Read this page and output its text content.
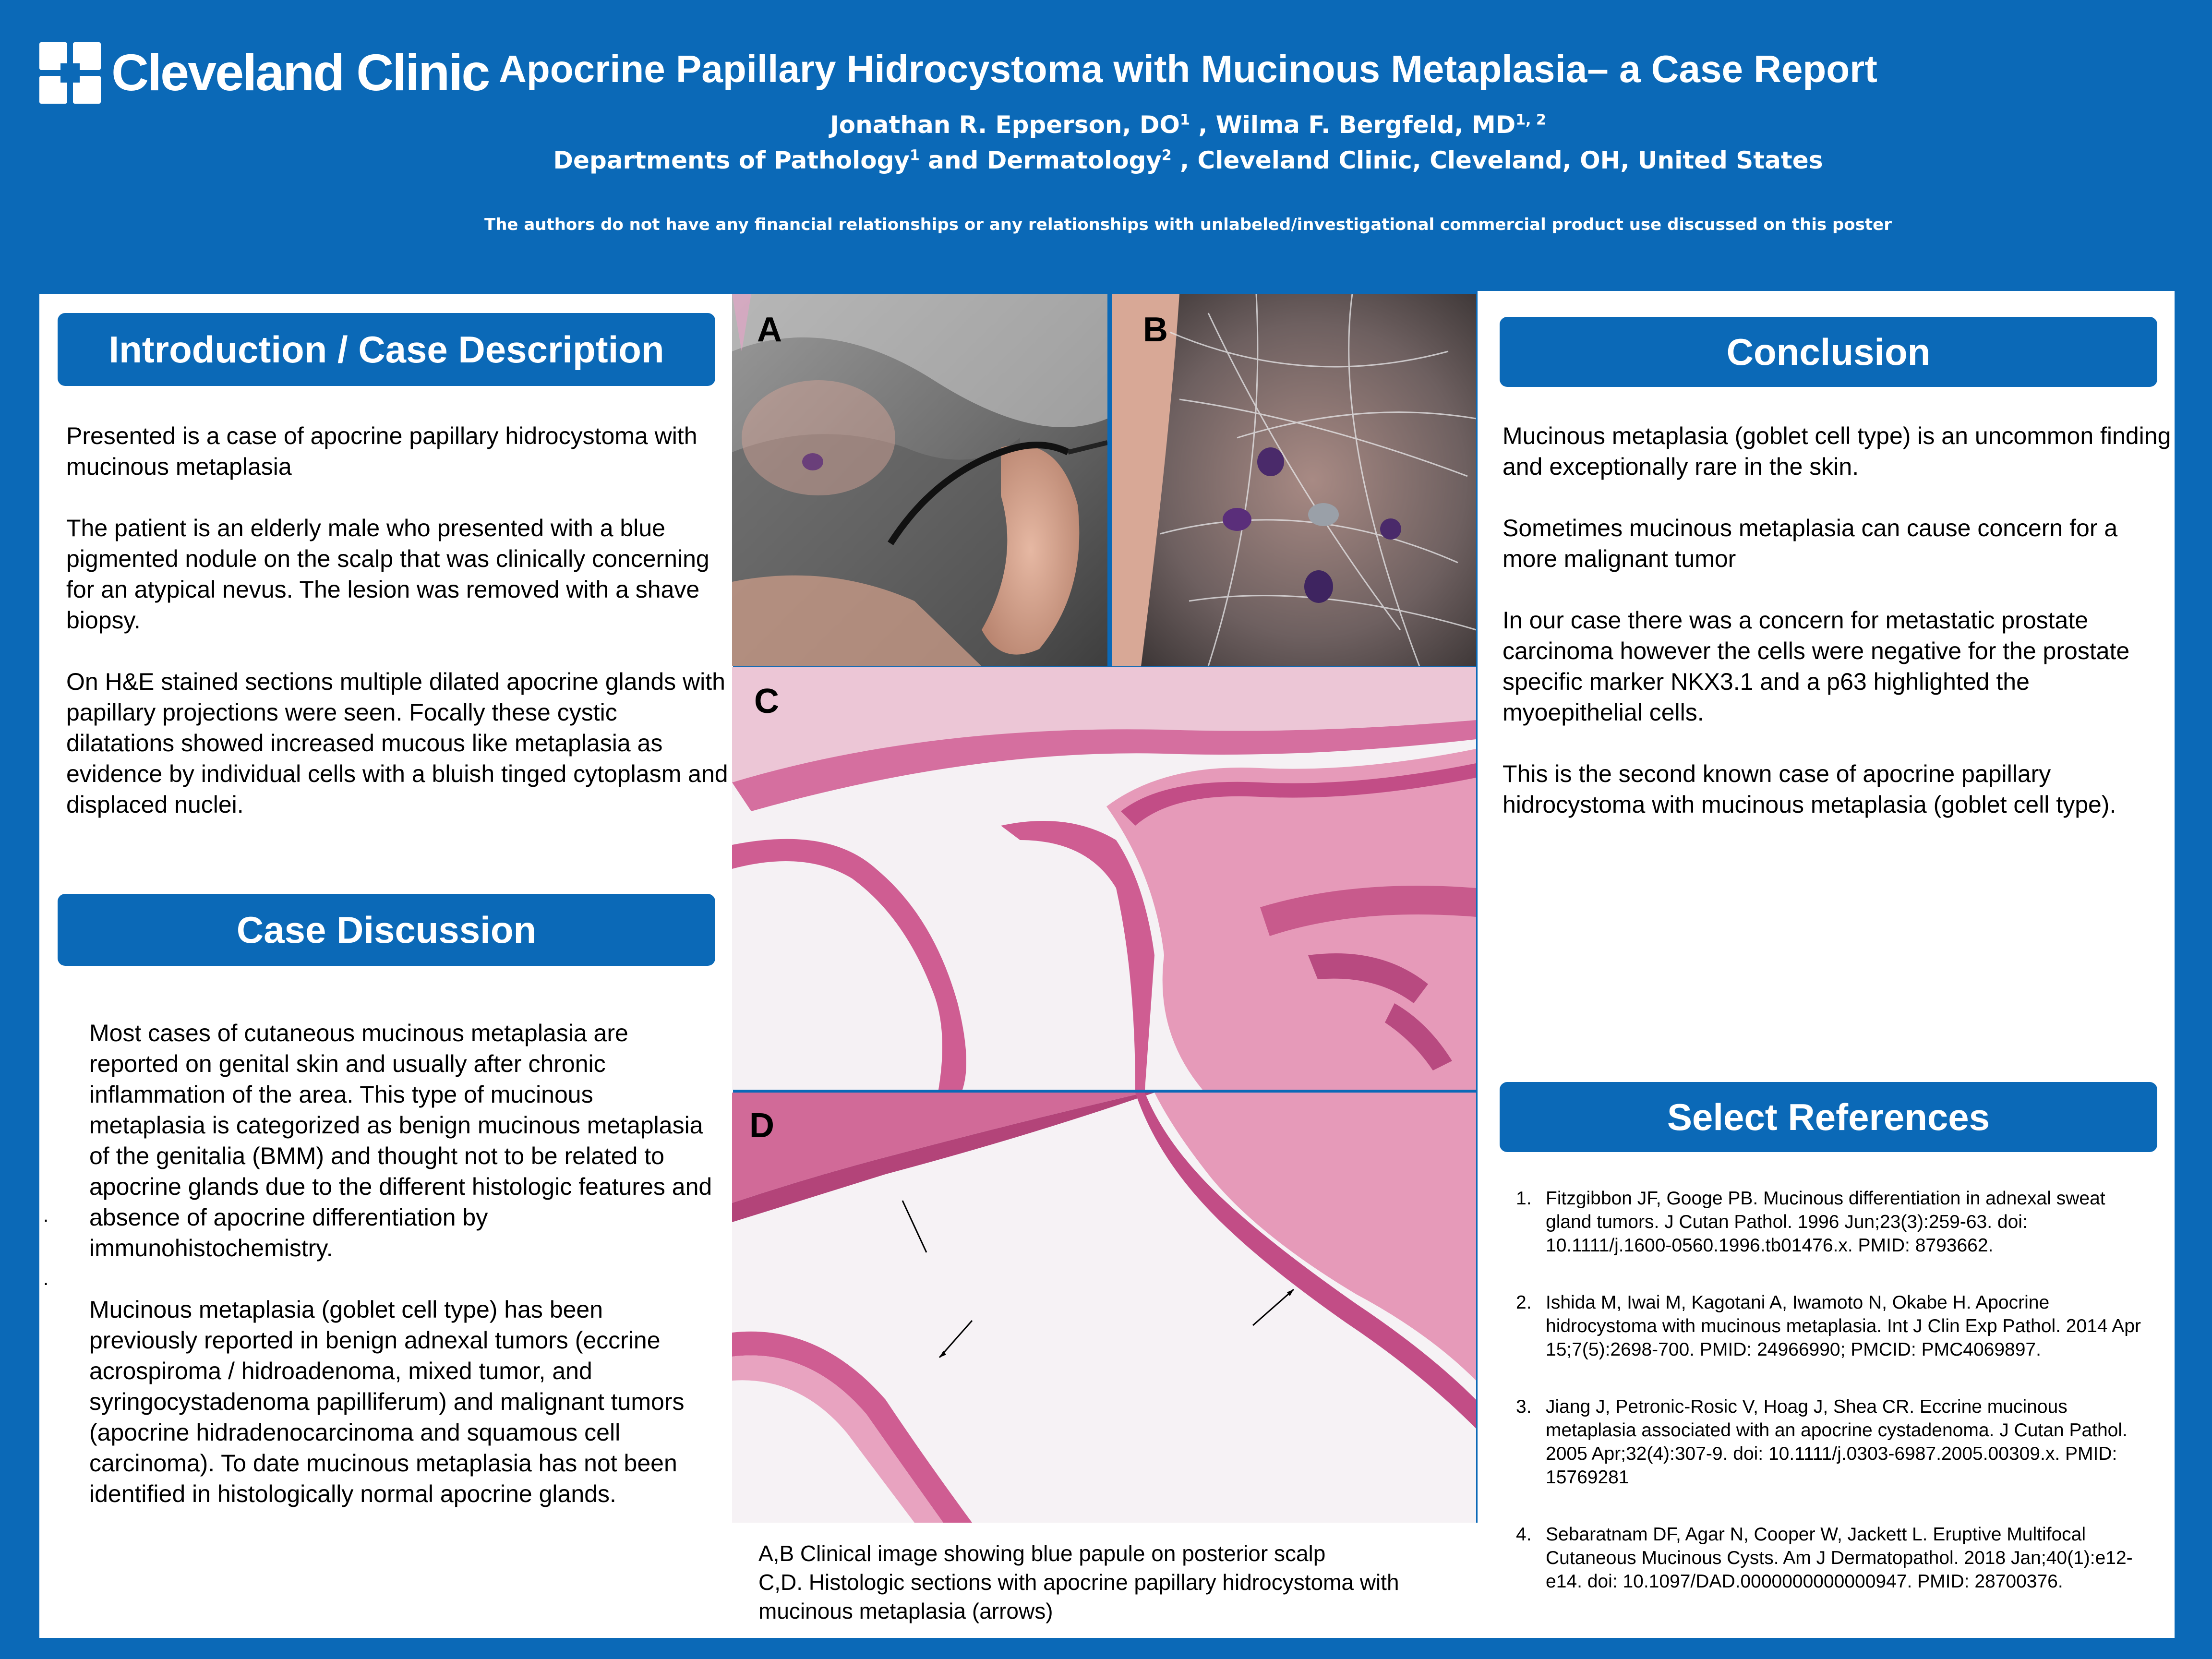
Cleveland Clinic Apocrine Papillary Hidrocystoma with Mucinous Metaplasia– a Case Report
Jonathan R. Epperson, $DO^1$ , Wilma F. Bergfeld, MD$^{1, 2}$
Departments of Pathology$^1$ and Dermatology$^2$ , Cleveland Clinic, Cleveland, OH, United States
The authors do not have any financial relationships or any relationships with unlabeled/investigational commercial product use discussed on this poster
Introduction / Case Description

Presented is a case of apocrine papillary hidrocystoma with mucinous metaplasia

The patient is an elderly male who presented with a blue pigmented nodule on the scalp that was clinically concerning for an atypical nevus. The lesion was removed with a shave biopsy.

On H&E stained sections multiple dilated apocrine glands with papillary projections were seen. Focally these cystic dilatations showed increased mucous like metaplasia as evidence by individual cells with a bluish tinged cytoplasm and displaced nuclei.

Case Discussion

Most cases of cutaneous mucinous metaplasia are reported on genital skin and usually after chronic inflammation of the area. This type of mucinous metaplasia is categorized as benign mucinous metaplasia of the genitalia (BMM) and thought not to be related to apocrine glands due to the different histologic features and absence of apocrine differentiation by immunohistochemistry.

Mucinous metaplasia (goblet cell type) has been previously reported in benign adnexal tumors (eccrine acrospiroma / hidroadenoma, mixed tumor, and syringocystadenoma papilliferum) and malignant tumors (apocrine hidradenocarcinoma and squamous cell carcinoma). To date mucinous metaplasia has not been identified in histologically normal apocrine glands.

.
.
A	B
C
D
A,B Clinical image showing blue papule on posterior scalp
C,D. Histologic sections with apocrine papillary hidrocystoma with mucinous metaplasia (arrows)
Conclusion

Mucinous metaplasia (goblet cell type) is an uncommon finding and exceptionally rare in the skin.

Sometimes mucinous metaplasia can cause concern for a more malignant tumor

In our case there was a concern for metastatic prostate carcinoma however the cells were negative for the prostate specific marker NKX3.1 and a p63 highlighted the myoepithelial cells.

This is the second known case of apocrine papillary hidrocystoma with mucinous metaplasia (goblet cell type).

Select References
1. Fitzgibbon JF, Googe PB. Mucinous differentiation in adnexal sweat gland tumors. J Cutan Pathol. 1996 Jun;23(3):259-63. doi: 10.1111/j.1600-0560.1996.tb01476.x. PMID: 8793662.
2. Ishida M, Iwai M, Kagotani A, Iwamoto N, Okabe H. Apocrine hidrocystoma with mucinous metaplasia. Int J Clin Exp Pathol. 2014 Apr 15;7(5):2698-700. PMID: 24966990; PMCID: PMC4069897.
3. Jiang J, Petronic-Rosic V, Hoag J, Shea CR. Eccrine mucinous metaplasia associated with an apocrine cystadenoma. J Cutan Pathol. 2005 Apr;32(4):307-9. doi: 10.1111/j.0303-6987.2005.00309.x. PMID: 15769281
4. Sebaratnam DF, Agar N, Cooper W, Jackett L. Eruptive Multifocal Cutaneous Mucinous Cysts. Am J Dermatopathol. 2018 Jan;40(1):e12-e14. doi: 10.1097/DAD.0000000000000947. PMID: 28700376.
